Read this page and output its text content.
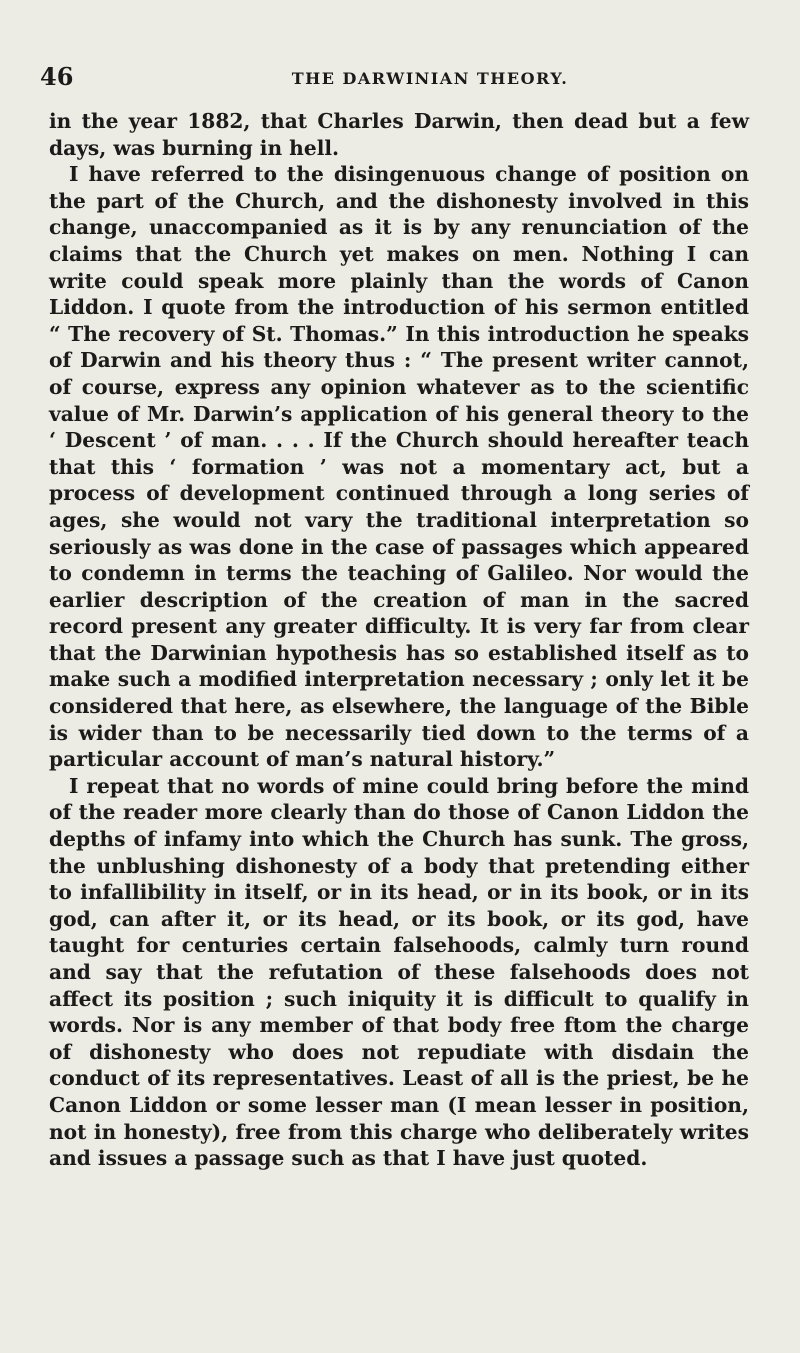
46	THE DARWINIAN THEORY.

in the year 1882, that Charles Darwin, then dead but a few days, was burning in hell.

I have referred to the disingenuous change of position on the part of the Church, and the dishonesty involved in this change, unaccompanied as it is by any renunciation of the claims that the Church yet makes on men. Nothing I can write could speak more plainly than the words of Canon Liddon. I quote from the introduction of his sermon entitled “ The recovery of St. Thomas.” In this introduction he speaks of Darwin and his theory thus : “ The present writer cannot, of course, express any opinion whatever as to the scientific value of Mr. Darwin’s application of his general theory to the ‘ Descent ’ of man. . . . If the Church should hereafter teach that this ‘ formation ’ was not a momentary act, but a process of development continued through a long series of ages, she would not vary the traditional interpretation so seriously as was done in the case of passages which appeared to condemn in terms the teaching of Galileo. Nor would the earlier description of the creation of man in the sacred record present any greater difficulty. It is very far from clear that the Darwinian hypothesis has so established itself as to make such a modified interpretation necessary ; only let it be considered that here, as elsewhere, the language of the Bible is wider than to be necessarily tied down to the terms of a particular account of man’s natural history.”

I repeat that no words of mine could bring before the mind of the reader more clearly than do those of Canon Liddon the depths of infamy into which the Church has sunk. The gross, the unblushing dishonesty of a body that pretending either to infallibility in itself, or in its head, or in its book, or in its god, can after it, or its head, or its book, or its god, have taught for centuries certain falsehoods, calmly turn round and say that the refutation of these falsehoods does not affect its position ; such iniquity it is difficult to qualify in words. Nor is any member of that body free ftom the charge of dishonesty who does not repudiate with disdain the conduct of its representatives. Least of all is the priest, be he Canon Liddon or some lesser man (I mean lesser in position, not in honesty), free from this charge who deliberately writes and issues a passage such as that I have just quoted.
